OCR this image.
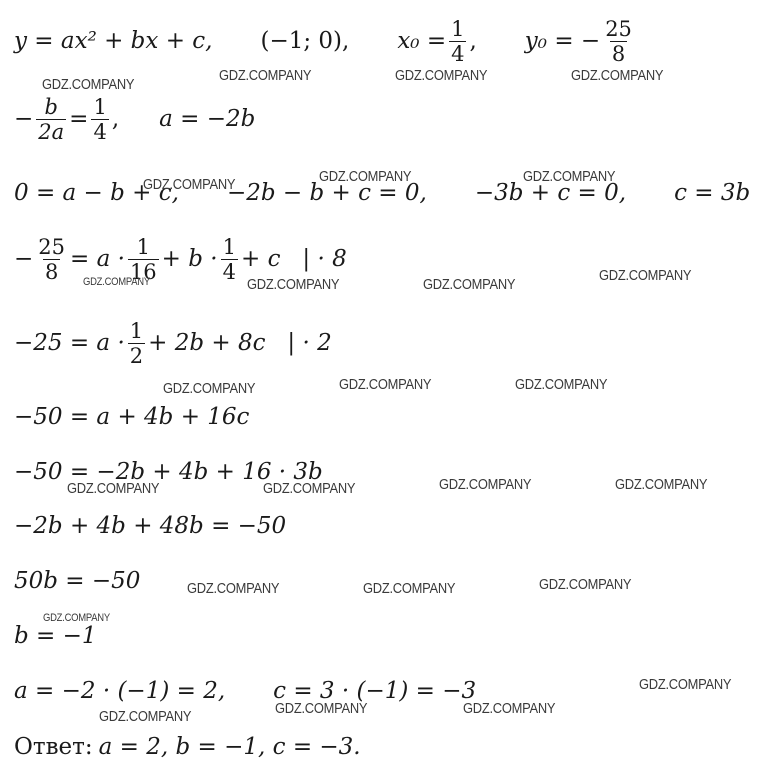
y = ax² + bx + c, (−1; 0), $x_0 = \frac{1}{4}$ , y₀ = − $\frac{25}{8}$
− $\frac{b}{2a} = \frac{1}{4}$ , a = −2b
0 = a − b + c, −2b − b + c = 0, −3b + c = 0, c = 3b
− $\frac{25}{8} = a \cdot \frac{1}{16} + b \cdot \frac{1}{4} + c$   | · 8
$-25 = a \cdot \frac{1}{2} + 2b + 8c$   | · 2
−50 = a + 4b + 16c
−50 = −2b + 4b + 16 · 3b
−2b + 4b + 48b = −50
50b = −50
b = −1
a = −2 · (−1) = 2, c = 3 · (−1) = −3
Ответ: a = 2, b = −1, c = −3.
GDZ.COMPANY
GDZ.COMPANY	GDZ.COMPANY	GDZ.COMPANY
GDZ.COMPANY	GDZ.COMPANY
GDZ.COMPANY
GDZ.COMPANY	GDZ.COMPANY	GDZ.COMPANY
GDZ.COMPANY
GDZ.COMPANY	GDZ.COMPANY	GDZ.COMPANY
GDZ.COMPANY	GDZ.COMPANY	GDZ.COMPANY	GDZ.COMPANY
GDZ.COMPANY	GDZ.COMPANY	GDZ.COMPANY
GDZ.COMPANY
GDZ.COMPANY
GDZ.COMPANY	GDZ.COMPANY	GDZ.COMPANY
